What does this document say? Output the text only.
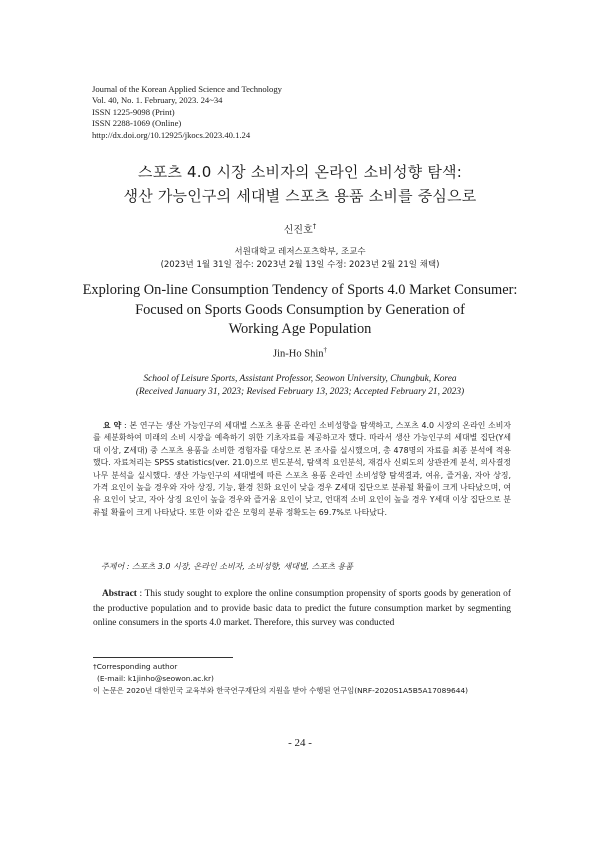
Journal of the Korean Applied Science and Technology
Vol. 40, No. 1. February, 2023. 24~34
ISSN 1225-9098 (Print)
ISSN 2288-1069 (Online)
http://dx.doi.org/10.12925/jkocs.2023.40.1.24
스포츠 4.0 시장 소비자의 온라인 소비성향 탐색:
생산 가능인구의 세대별 스포츠 용품 소비를 중심으로
신진호†
서원대학교 레저스포츠학부, 조교수
(2023년 1월 31일 접수: 2023년 2월 13일 수정: 2023년 2월 21일 채택)
Exploring On-line Consumption Tendency of Sports 4.0 Market Consumer:
Focused on Sports Goods Consumption by Generation of
Working Age Population
Jin-Ho Shin†
School of Leisure Sports, Assistant Professor, Seowon University, Chungbuk, Korea
(Received January 31, 2023; Revised February 13, 2023; Accepted February 21, 2023)
요 약 : 본 연구는 생산 가능인구의 세대별 스포츠 용품 온라인 소비성향을 탐색하고, 스포츠 4.0 시장의 온라인 소비자를 세분화하여 미래의 소비 시장을 예측하기 위한 기초자료를 제공하고자 했다. 따라서 생산 가능인구의 세대별 집단(Y세대 이상, Z세대) 중 스포츠 용품을 소비한 경험자를 대상으로 본 조사를 실시했으며, 총 478명의 자료를 최종 분석에 적용했다. 자료처리는 SPSS statistics(ver. 21.0)으로 빈도분석, 탐색적 요인분석, 재검사 신뢰도의 상관관계 분석, 의사결정 나무 분석을 실시했다. 생산 가능인구의 세대별에 따른 스포츠 용품 온라인 소비성향 탐색결과, 여유, 즐거움, 자아 상징, 가격 요인이 높을 경우와 자아 상징, 기능, 환경 친화 요인이 낮을 경우 Z세대 집단으로 분류될 확률이 크게 나타났으며, 여유 요인이 낮고, 자아 상징 요인이 높을 경우와 즐거움 요인이 낮고, 언대적 소비 요인이 높을 경우 Y세대 이상 집단으로 분류될 확률이 크게 나타났다. 또한 이와 같은 모형의 분류 정확도는 69.7%로 나타났다.
주제어 : 스포츠 3.0 시장, 온라인 소비자, 소비성향, 세대별, 스포츠 용품
Abstract : This study sought to explore the online consumption propensity of sports goods by generation of the productive population and to provide basic data to predict the future consumption market by segmenting online consumers in the sports 4.0 market. Therefore, this survey was conducted
†Corresponding author
(E-mail: k1jinho@seowon.ac.kr)
이 논문은 2020년 대한민국 교육부와 한국연구재단의 지원을 받아 수행된 연구임(NRF-2020S1A5B5A17089644)
- 24 -
